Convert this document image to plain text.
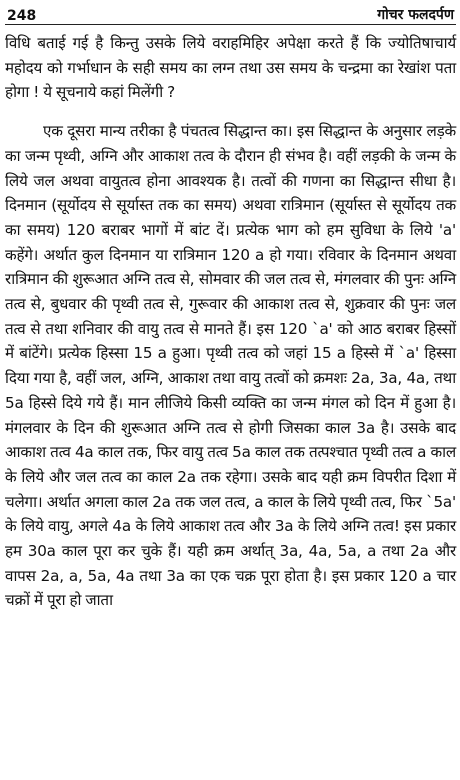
248	गोचर फलदर्पण

विधि बताई गई है किन्तु उसके लिये वराहमिहिर अपेक्षा करते हैं कि ज्योतिषाचार्य महोदय को गर्भाधान के सही समय का लग्न तथा उस समय के चन्द्रमा का रेखांश पता होगा ! ये सूचनाये कहां मिलेंगी ?

एक दूसरा मान्य तरीका है पंचतत्व सिद्धान्त का। इस सिद्धान्त के अनुसार लड़के का जन्म पृथ्वी, अग्नि और आकाश तत्व के दौरान ही संभव है। वहीं लड़की के जन्म के लिये जल अथवा वायुतत्व होना आवश्यक है। तत्वों की गणना का सिद्धान्त सीधा है। दिनमान (सूर्योदय से सूर्यास्त तक का समय) अथवा रात्रिमान (सूर्यास्त से सूर्योदय तक का समय) 120 बराबर भागों में बांट दें। प्रत्येक भाग को हम सुविधा के लिये 'a' कहेंगे। अर्थात कुल दिनमान या रात्रिमान 120 a हो गया। रविवार के दिनमान अथवा रात्रिमान की शुरूआत अग्नि तत्व से, सोमवार की जल तत्व से, मंगलवार की पुनः अग्नि तत्व से, बुधवार की पृथ्वी तत्व से, गुरूवार की आकाश तत्व से, शुक्रवार की पुनः जल तत्व से तथा शनिवार की वायु तत्व से मानते हैं। इस 120 `a' को आठ बराबर हिस्सों में बांटेंगे। प्रत्येक हिस्सा 15 a हुआ। पृथ्वी तत्व को जहां 15 a हिस्से में `a' हिस्सा दिया गया है, वहीं जल, अग्नि, आकाश तथा वायु तत्वों को क्रमशः 2a, 3a, 4a, तथा 5a हिस्से दिये गये हैं। मान लीजिये किसी व्यक्ति का जन्म मंगल को दिन में हुआ है। मंगलवार के दिन की शुरूआत अग्नि तत्व से होगी जिसका काल 3a है। उसके बाद आकाश तत्व 4a काल तक, फिर वायु तत्व 5a काल तक तत्पश्चात पृथ्वी तत्व a काल के लिये और जल तत्व का काल 2a तक रहेगा। उसके बाद यही क्रम विपरीत दिशा में चलेगा। अर्थात अगला काल 2a तक जल तत्व, a काल के लिये पृथ्वी तत्व, फिर `5a' के लिये वायु, अगले 4a के लिये आकाश तत्व और 3a के लिये अग्नि तत्व! इस प्रकार हम 30a काल पूरा कर चुके हैं। यही क्रम अर्थात् 3a, 4a, 5a, a तथा 2a और वापस 2a, a, 5a, 4a तथा 3a का एक चक्र पूरा होता है। इस प्रकार 120 a चार चक्रों में पूरा हो जाता
